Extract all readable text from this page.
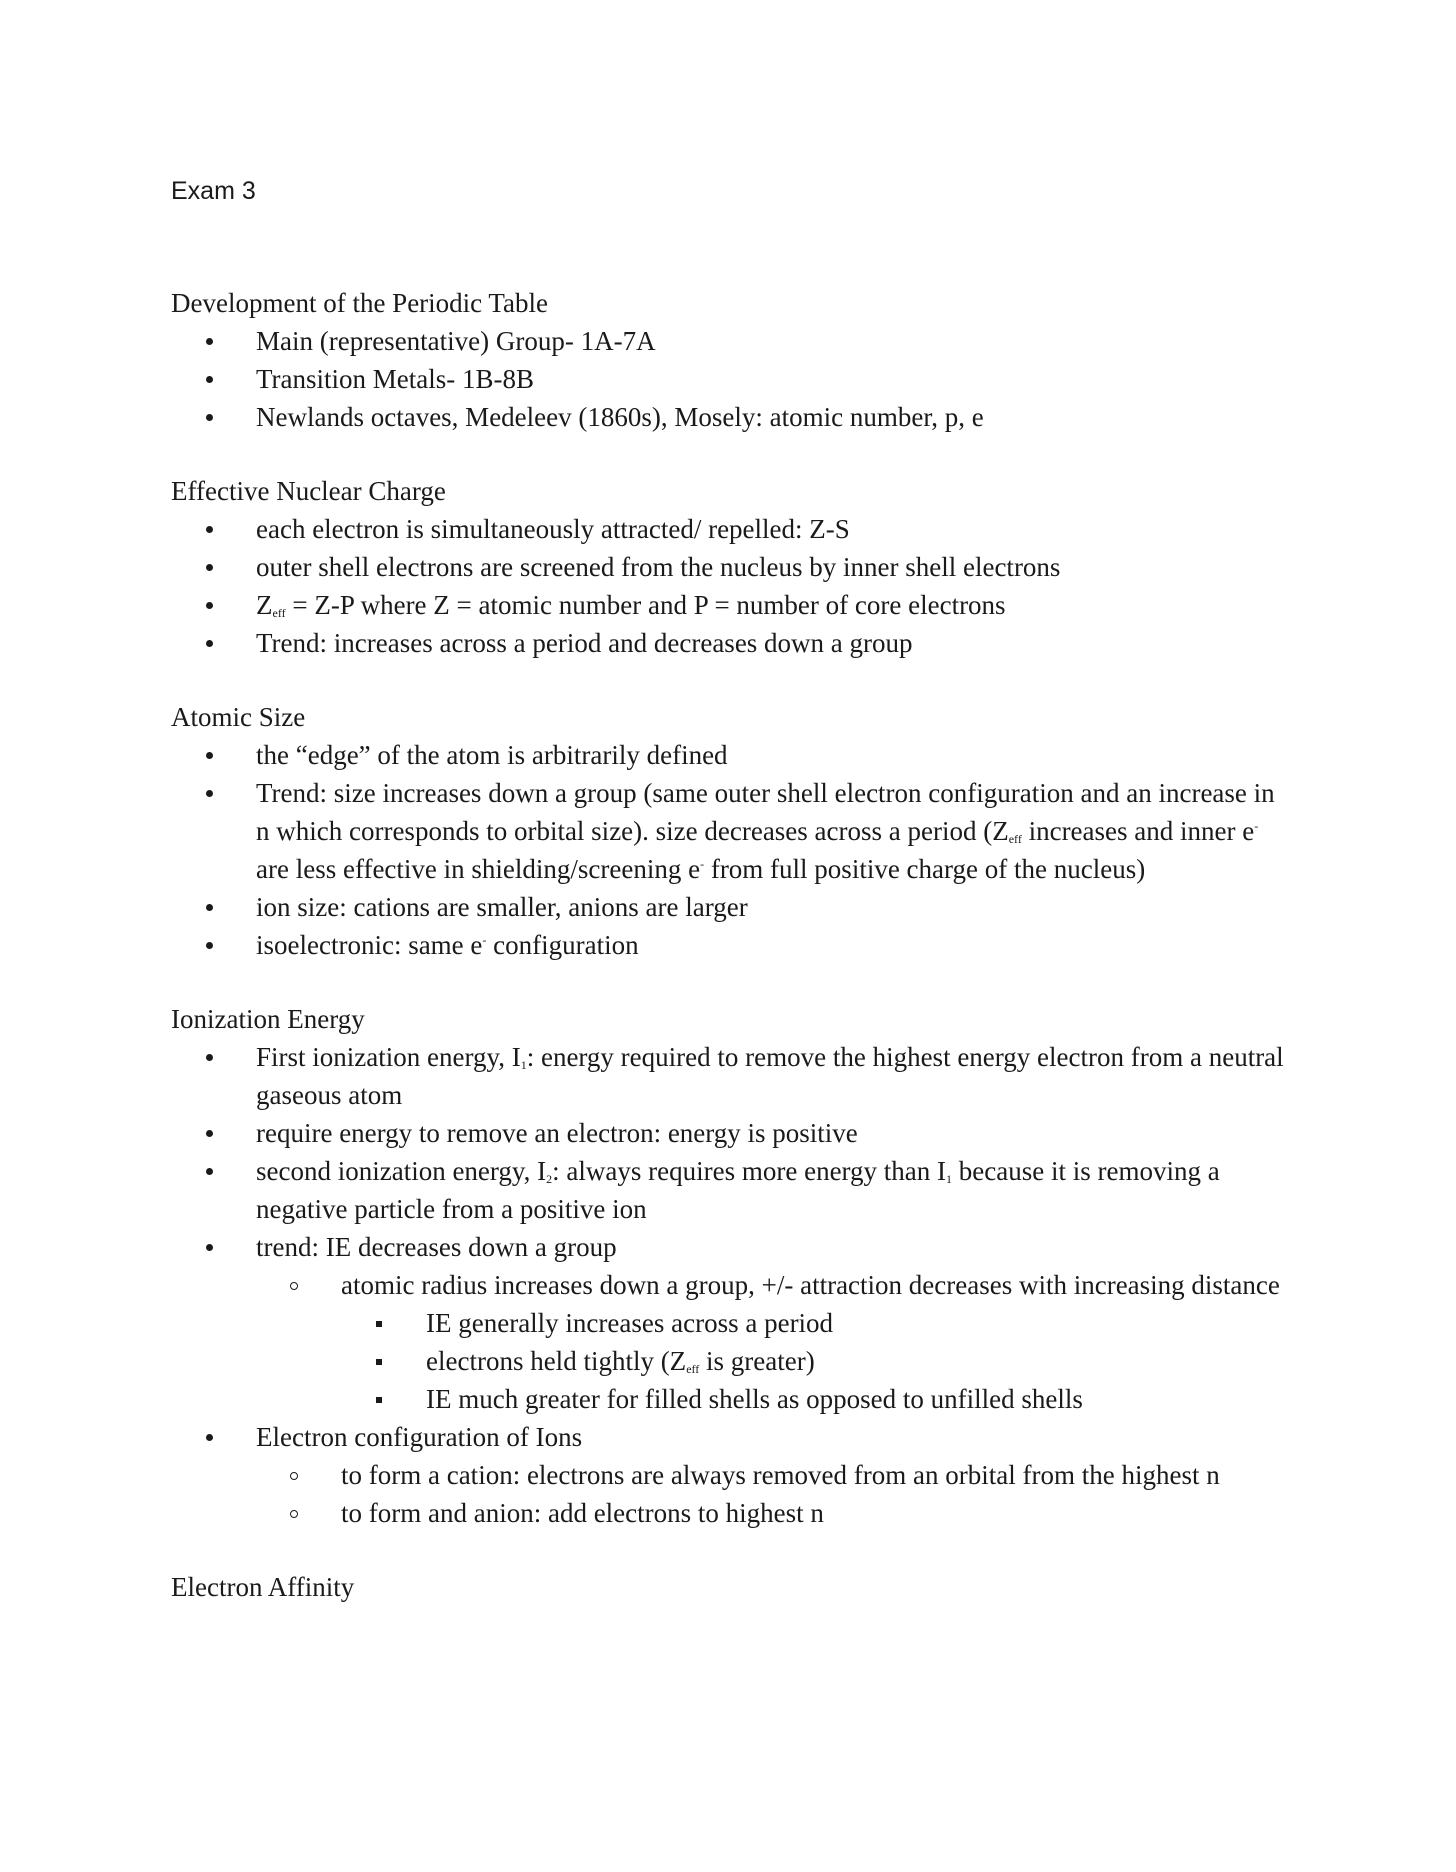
Exam 3
Development of the Periodic Table
Main (representative) Group- 1A-7A
Transition Metals- 1B-8B
Newlands octaves, Medeleev (1860s), Mosely: atomic number, p, e
Effective Nuclear Charge
each electron is simultaneously attracted/ repelled: Z-S
outer shell electrons are screened from the nucleus by inner shell electrons
$Z_{eff} = Z-P$ where Z = atomic number and P = number of core electrons
Trend: increases across a period and decreases down a group
Atomic Size
the “edge” of the atom is arbitrarily defined
Trend: size increases down a group (same outer shell electron configuration and an increase in n which corresponds to orbital size). size decreases across a period ($Z_{eff}$ increases and inner e- are less effective in shielding/screening e- from full positive charge of the nucleus)
ion size: cations are smaller, anions are larger
isoelectronic: same e- configuration
Ionization Energy
First ionization energy, $I_1$: energy required to remove the highest energy electron from a neutral gaseous atom
require energy to remove an electron: energy is positive
second ionization energy, $I_2$: always requires more energy than $I_1$ because it is removing a negative particle from a positive ion
trend: IE decreases down a group
atomic radius increases down a group, +/- attraction decreases with increasing distance
IE generally increases across a period
electrons held tightly ($Z_{eff}$ is greater)
IE much greater for filled shells as opposed to unfilled shells
Electron configuration of Ions
to form a cation: electrons are always removed from an orbital from the highest n
to form and anion: add electrons to highest n
Electron Affinity
